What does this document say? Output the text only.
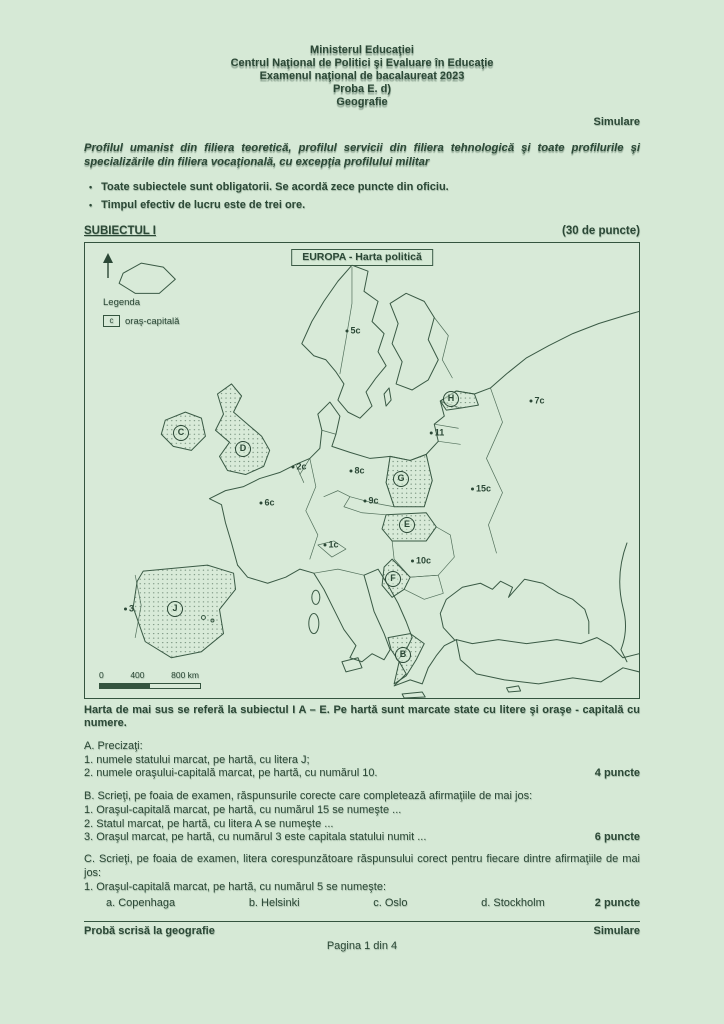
Ministerul Educaţiei
Centrul Naţional de Politici şi Evaluare în Educaţie
Examenul naţional de bacalaureat 2023
Proba E. d)
Geografie
Simulare
Profilul umanist din filiera teoretică, profilul servicii din filiera tehnologică şi toate profilurile şi specializările din filiera vocaţională, cu excepţia profilului militar
• Toate subiectele sunt obligatorii. Se acordă zece puncte din oficiu.
• Timpul efectiv de lucru este de trei ore.
SUBIECTUL I	(30 de puncte)
EUROPA - Harta politică
Legenda
c	oraş-capitală
0	400	800 km
C
D
H
G
E
F
B
J
2c
6c
8c
9c
11
5c
7c
15c
10c
3
1c
Harta de mai sus se referă la subiectul I A – E. Pe hartă sunt marcate state cu litere şi oraşe - capitală cu numere.
A. Precizaţi:
1. numele statului marcat, pe hartă, cu litera J;
2. numele oraşului-capitală marcat, pe hartă, cu numărul 10.	4 puncte
B. Scrieţi, pe foaia de examen, răspunsurile corecte care completează afirmaţiile de mai jos:
1. Oraşul-capitală marcat, pe hartă, cu numărul 15 se numeşte ...
2. Statul marcat, pe hartă, cu litera A se numeşte ...
3. Oraşul marcat, pe hartă, cu numărul 3 este capitala statului numit ...	6 puncte
C. Scrieţi, pe foaia de examen, litera corespunzătoare răspunsului corect pentru fiecare dintre afirmaţiile de mai jos:
1. Oraşul-capitală marcat, pe hartă, cu numărul 5 se numeşte:
a. Copenhaga	b. Helsinki	c. Oslo	d. Stockholm	2 puncte
Probă scrisă la geografie	Simulare
Pagina 1 din 4
